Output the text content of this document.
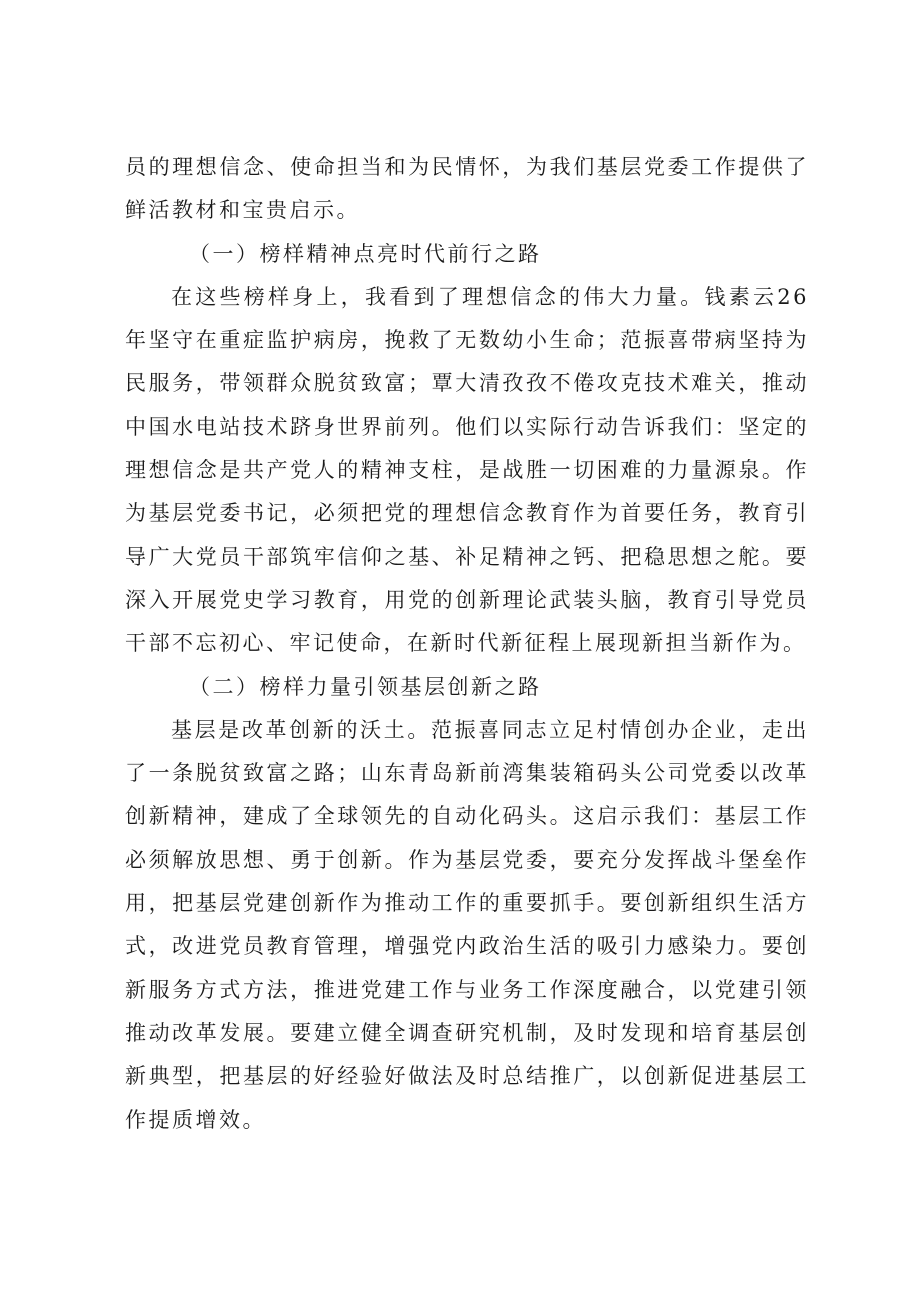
员的理想信念、使命担当和为民情怀，为我们基层党委工作提供了鲜活教材和宝贵启示。

（一）榜样精神点亮时代前行之路

在这些榜样身上，我看到了理想信念的伟大力量。钱素云26年坚守在重症监护病房，挽救了无数幼小生命；范振喜带病坚持为民服务，带领群众脱贫致富；覃大清孜孜不倦攻克技术难关，推动中国水电站技术跻身世界前列。他们以实际行动告诉我们：坚定的理想信念是共产党人的精神支柱，是战胜一切困难的力量源泉。作为基层党委书记，必须把党的理想信念教育作为首要任务，教育引导广大党员干部筑牢信仰之基、补足精神之钙、把稳思想之舵。要深入开展党史学习教育，用党的创新理论武装头脑，教育引导党员干部不忘初心、牢记使命，在新时代新征程上展现新担当新作为。

（二）榜样力量引领基层创新之路

基层是改革创新的沃土。范振喜同志立足村情创办企业，走出了一条脱贫致富之路；山东青岛新前湾集装箱码头公司党委以改革创新精神，建成了全球领先的自动化码头。这启示我们：基层工作必须解放思想、勇于创新。作为基层党委，要充分发挥战斗堡垒作用，把基层党建创新作为推动工作的重要抓手。要创新组织生活方式，改进党员教育管理，增强党内政治生活的吸引力感染力。要创新服务方式方法，推进党建工作与业务工作深度融合，以党建引领推动改革发展。要建立健全调查研究机制，及时发现和培育基层创新典型，把基层的好经验好做法及时总结推广，以创新促进基层工作提质增效。
